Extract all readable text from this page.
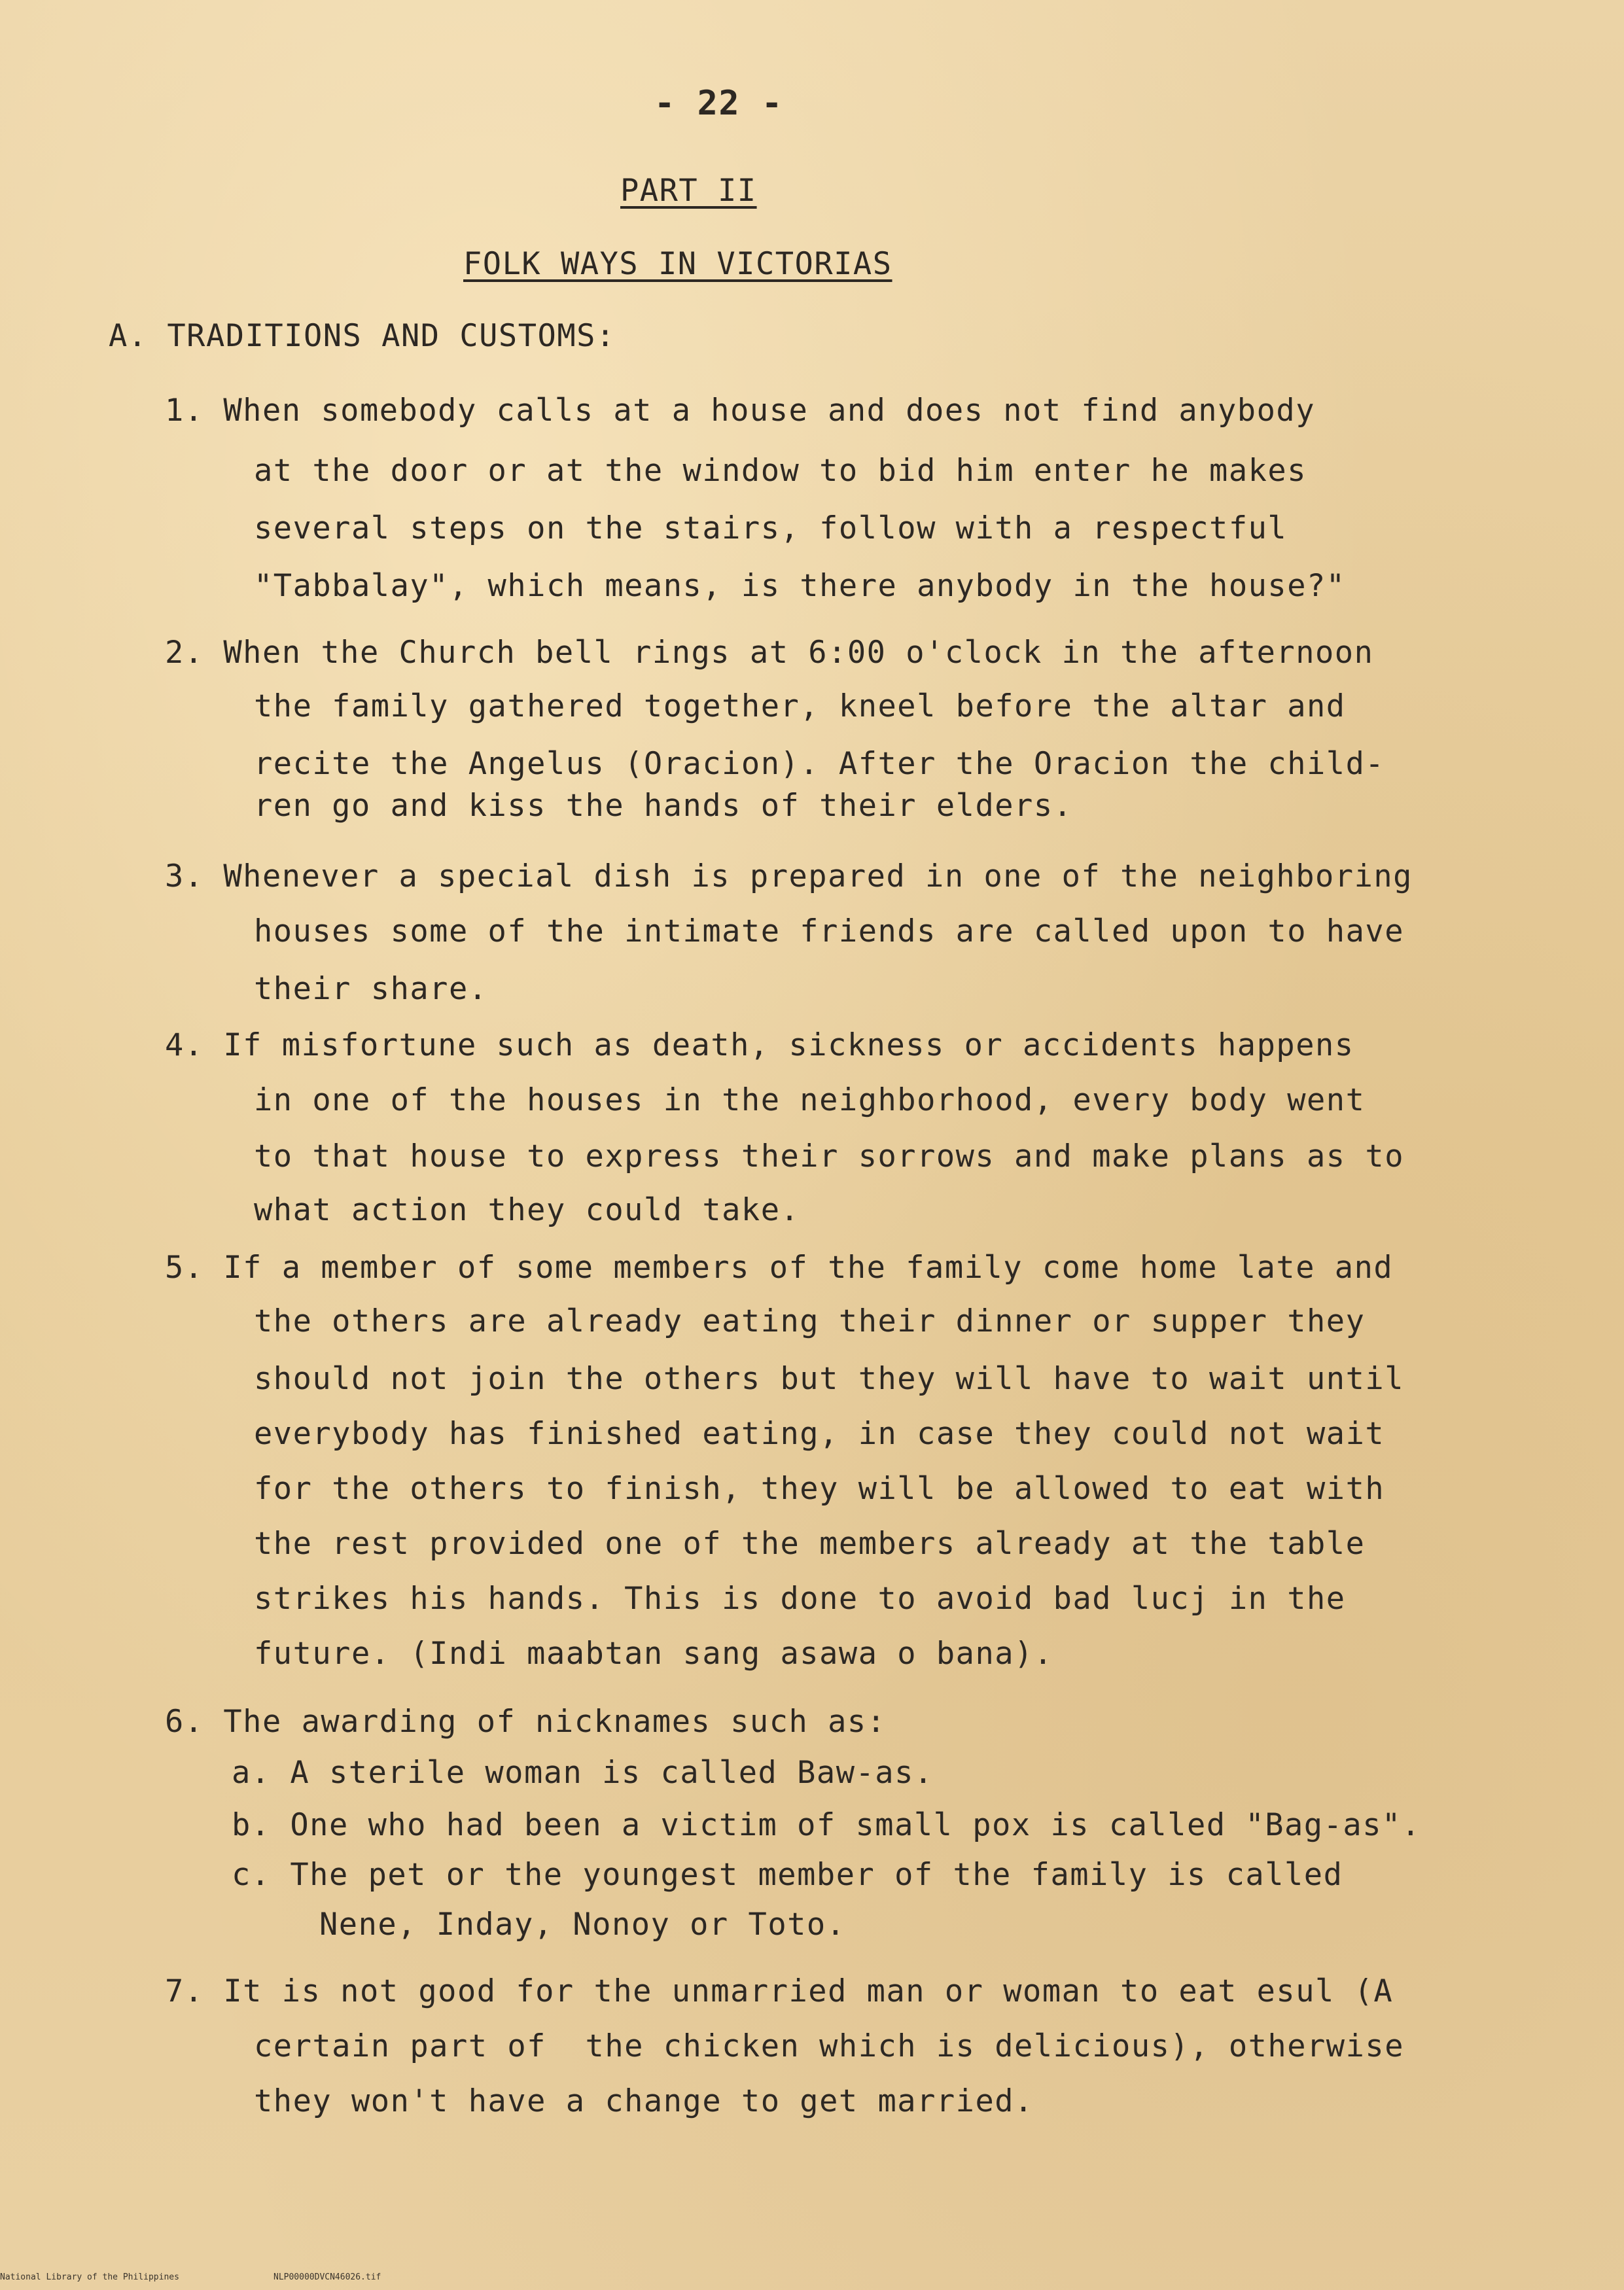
- 22 -
PART II
FOLK WAYS IN VICTORIAS
A. TRADITIONS AND CUSTOMS:
1. When somebody calls at a house and does not find anybody
at the door or at the window to bid him enter he makes
several steps on the stairs, follow with a respectful
"Tabbalay", which means, is there anybody in the house?"
2. When the Church bell rings at 6:00 o'clock in the afternoon
the family gathered together, kneel before the altar and
recite the Angelus (Oracion). After the Oracion the child-
ren go and kiss the hands of their elders.
3. Whenever a special dish is prepared in one of the neighboring
houses some of the intimate friends are called upon to have
their share.
4. If misfortune such as death, sickness or accidents happens
in one of the houses in the neighborhood, every body went
to that house to express their sorrows and make plans as to
what action they could take.
5. If a member of some members of the family come home late and
the others are already eating their dinner or supper they
should not join the others but they will have to wait until
everybody has finished eating, in case they could not wait
for the others to finish, they will be allowed to eat with
the rest provided one of the members already at the table
strikes his hands. This is done to avoid bad lucj in the
future. (Indi maabtan sang asawa o bana).
6. The awarding of nicknames such as:
a. A sterile woman is called Baw-as.
b. One who had been a victim of small pox is called "Bag-as".
c. The pet or the youngest member of the family is called
Nene, Inday, Nonoy or Toto.
7. It is not good for the unmarried man or woman to eat esul (A
certain part of  the chicken which is delicious), otherwise
they won't have a change to get married.
National Library of the Philippines	NLP00000DVCN46026.tif
